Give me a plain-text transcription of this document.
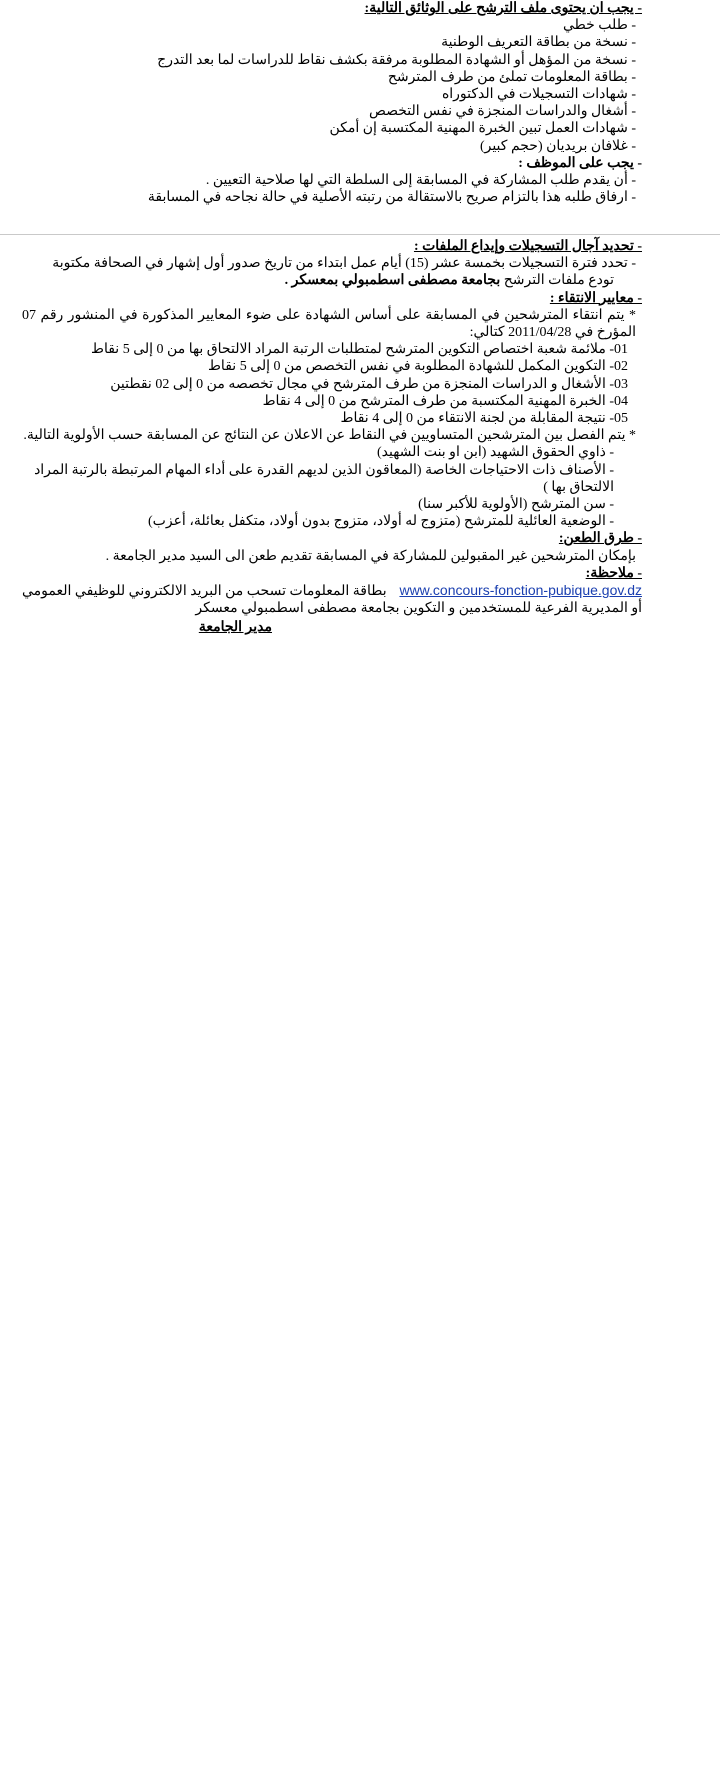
- يجب ان يحتوى ملف الترشح على الوثائق التالية:

- طلب خطي

- نسخة من بطاقة التعريف الوطنية

- نسخة من المؤهل أو الشهادة المطلوبة مرفقة بكشف نقاط للدراسات لما بعد التدرج

- بطاقة المعلومات تملئ من طرف المترشح

- شهادات التسجيلات في الدكتوراه

- أشغال والدراسات المنجزة في نفس التخصص

- شهادات العمل تبين الخبرة المهنية المكتسبة إن أمكن

- غلافان بريديان (حجم كبير)

- يجب على الموظف :

- أن يقدم طلب المشاركة في المسابقة إلى السلطة التي لها صلاحية التعيين .

- ارفاق طلبه هذا بالتزام صريح بالاستقالة من رتبته الأصلية في حالة نجاحه في المسابقة

- تحديد آجال التسجيلات وإيداع الملفات :

- تحدد فترة التسجيلات بخمسة عشر (15) أيام عمل ابتداء من تاريخ صدور أول إشهار في الصحافة مكتوبة

تودع ملفات الترشح بجامعة مصطفى اسطمبولي بمعسكر .

- معايير الانتقاء :

* يتم انتقاء المترشحين في المسابقة على أساس الشهادة على ضوء المعايير المذكورة في المنشور رقم 07 المؤرخ في 2011/04/28 كتالي:

01- ملائمة شعبة اختصاص التكوين المترشح لمتطلبات الرتبة المراد الالتحاق بها من 0 إلى 5 نقاط

02- التكوين المكمل للشهادة المطلوبة في نفس التخصص من 0 إلى 5 نقاط

03- الأشغال و الدراسات المنجزة من طرف المترشح في مجال تخصصه من 0 إلى 02 نقطتين

04- الخبرة المهنية المكتسبة من طرف المترشح من 0 إلى 4 نقاط

05- نتيجة المقابلة من لجنة الانتقاء من 0 إلى 4 نقاط

* يتم الفصل بين المترشحين المتساويين في النقاط عن الاعلان عن النتائج عن المسابقة حسب الأولوية التالية.

- ذاوي الحقوق الشهيد (ابن او بنت الشهيد)

- الأصناف ذات الاحتياجات الخاصة (المعاقون الذين لديهم القدرة على أداء المهام المرتبطة بالرتبة المراد الالتحاق بها )

- سن المترشح (الأولوية للأكبر سنا)

- الوضعية العائلية للمترشح (متزوج له أولاد، متزوج بدون أولاد، متكفل بعائلة، أعزب)

- طرق الطعن:

بإمكان المترشحين غير المقبولين للمشاركة في المسابقة تقديم طعن الى السيد مدير الجامعة .

- ملاحظة:

بطاقة المعلومات تسحب من البريد الالكتروني للوظيفي العمومي www.concours-fonction-pubique.gov.dz

أو المديرية الفرعية للمستخدمين و التكوين بجامعة مصطفى اسطمبولي معسكر

مدير الجامعة
